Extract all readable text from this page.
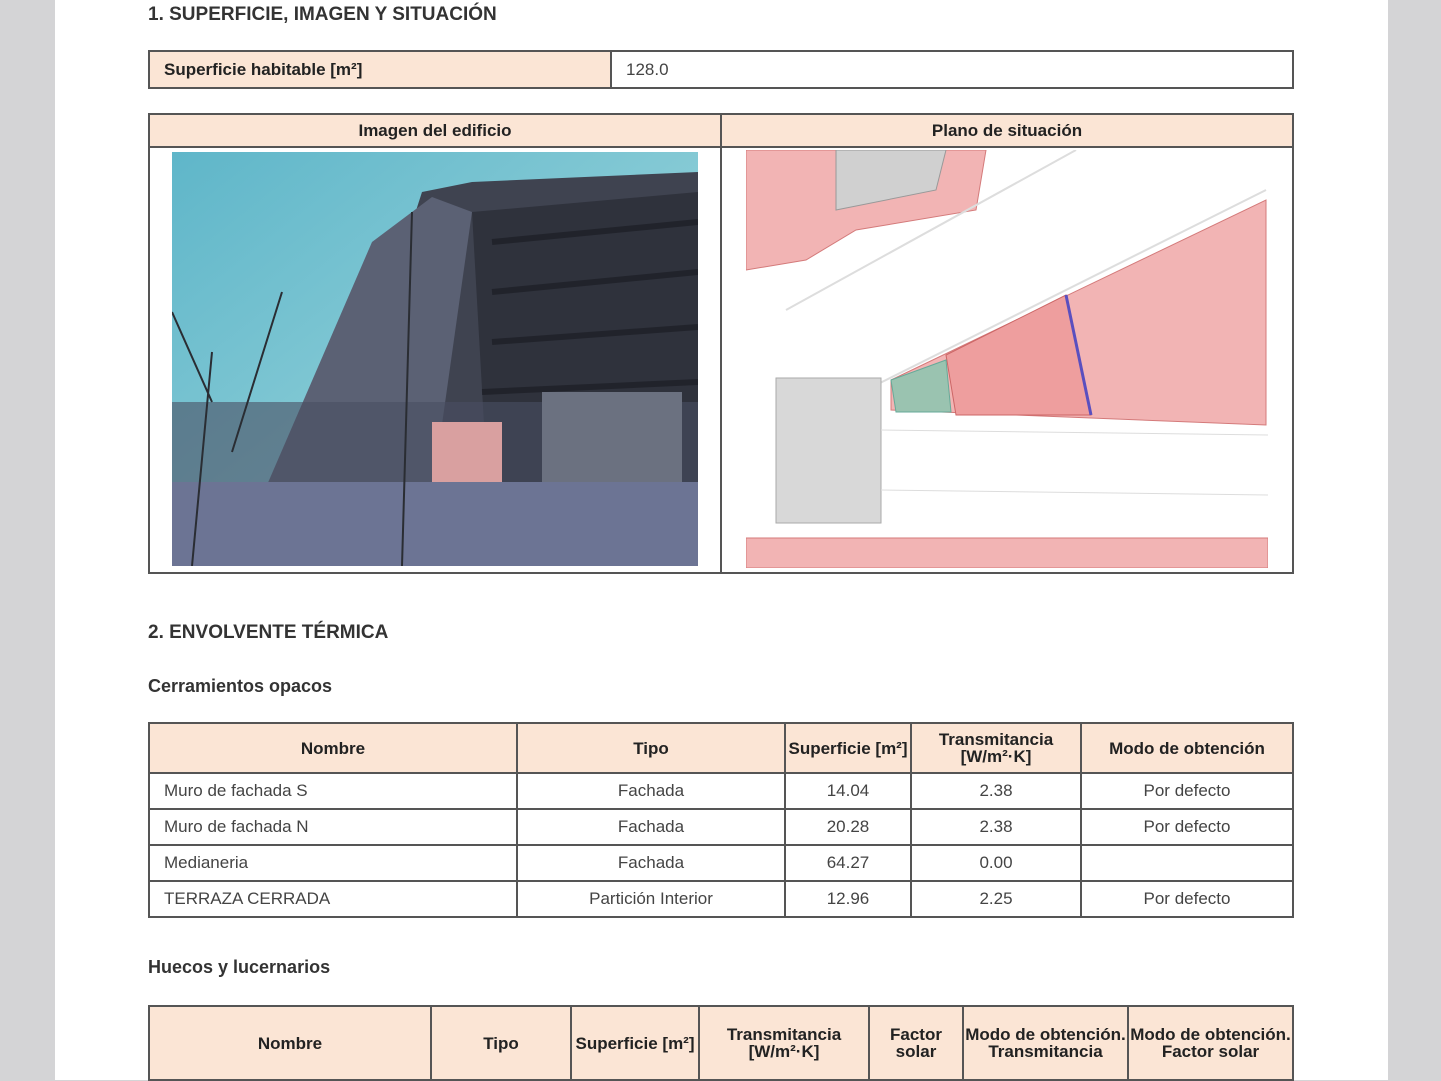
1. SUPERFICIE, IMAGEN Y SITUACIÓN
Superficie habitable [m²]	128.0
Imagen del edificio	Plano de situación

2. ENVOLVENTE TÉRMICA
Cerramientos opacos
Nombre	Tipo	Superficie [m²]	Transmitancia [W/m²·K]	Modo de obtención
Muro de fachada S	Fachada	14.04	2.38	Por defecto
Muro de fachada N	Fachada	20.28	2.38	Por defecto
Medianeria	Fachada	64.27	0.00	
TERRAZA CERRADA	Partición Interior	12.96	2.25	Por defecto
Huecos y lucernarios
Nombre	Tipo	Superficie [m²]	Transmitancia [W/m²·K]	Factor solar	Modo de obtención. Transmitancia	Modo de obtención. Factor solar
